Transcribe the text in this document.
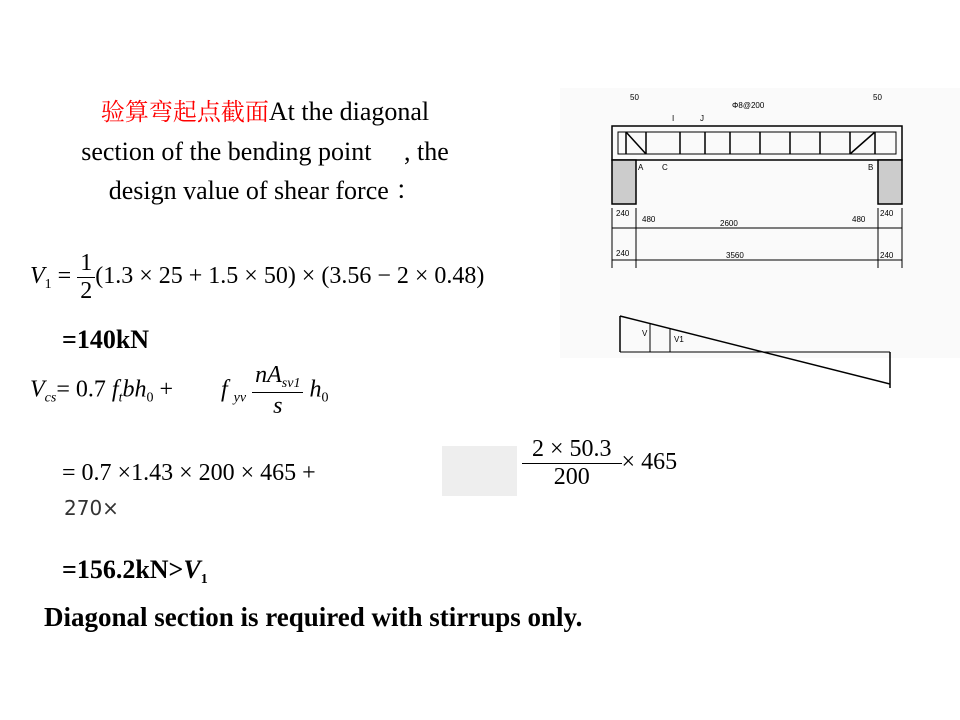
验算弯起点截面At the diagonal
section of the bending point , the
design value of shear force ：
$V_1 = \frac{1}{2} (1.3 \times 25 + 1.5 \times 50) \times (3.56 - 2 \times 0.48)$
=140kN
$V_{cs}= 0.7$ $f_tbh_0 + f$ $_{yv} \frac{nA_{sv1}}{s} h_0$
= 0.7 ×1.43 × 200 × 465 +
270×
$\frac{2 \times 50.3}{200} \times 465$
$=156.2kN>V_1$
Diagonal section is required with stirrups only.
50	50
Φ8@200
I	J
A C	B
240
480	2600	480
240
240	3560	240
V
V1
